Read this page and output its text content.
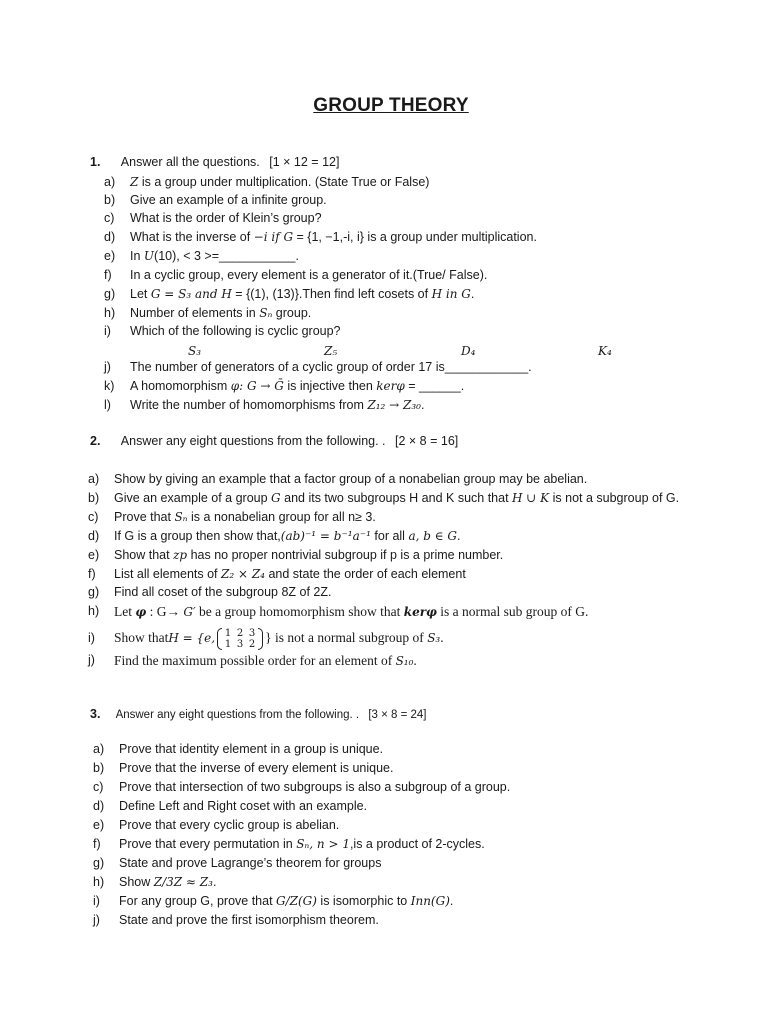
GROUP THEORY
1. Answer all the questions. [1 × 12 = 12]
a)	Z is a group under multiplication. (State True or False)
b)	Give an example of a infinite group.
c)	What is the order of Klein’s group?
d)	What is the inverse of −i if G = {1, −1,-i, i} is a group under multiplication.
e)	In U(10), < 3 >=___________.
f)	In a cyclic group, every element is a generator of it.(True/ False).
g)	Let G = S₃ and H = {(1), (13)}.Then find left cosets of H in G.
h)	Number of elements in Sₙ group.
i)	Which of the following is cyclic group?
S₃	Z₅	D₄	K₄
j)	The number of generators of a cyclic group of order 17 is____________.
k)	A homomorphism φ: G → Ḡ is injective then kerφ = ______.
l)	Write the number of homomorphisms from Z₁₂ → Z₃₀.
2. Answer any eight questions from the following. . [2 × 8 = 16]
a)	Show by giving an example that a factor group of a nonabelian group may be abelian.
b)	Give an example of a group G and its two subgroups H and K such that H ∪ K is not a subgroup of G.
c)	Prove that Sₙ is a nonabelian group for all n≥ 3.
d)	If G is a group then show that,(ab)⁻¹ = b⁻¹a⁻¹ for all a, b ∈ G.
e)	Show that zp has no proper nontrivial subgroup if p is a prime number.
f)	List all elements of Z₂ × Z₄ and state the order of each element
g)	Find all coset of the subgroup 8Z of 2Z.
h)	Let φ : G→ G′ be a group homomorphism show that kerφ is a normal sub group of G.
i)	Show thatH = {e, 1 2 3
1 3 2 } is not a normal subgroup of S₃.
j)	Find the maximum possible order for an element of S₁₀.
3. Answer any eight questions from the following. . [3 × 8 = 24]
a)	Prove that identity element in a group is unique.
b)	Prove that the inverse of every element is unique.
c)	Prove that intersection of two subgroups is also a subgroup of a group.
d)	Define Left and Right coset with an example.
e)	Prove that every cyclic group is abelian.
f)	Prove that every permutation in Sₙ, n > 1,is a product of 2-cycles.
g)	State and prove Lagrange’s theorem for groups
h)	Show Z/3Z ≈ Z₃.
i)	For any group G, prove that G/Z(G) is isomorphic to Inn(G).
j)	State and prove the first isomorphism theorem.
